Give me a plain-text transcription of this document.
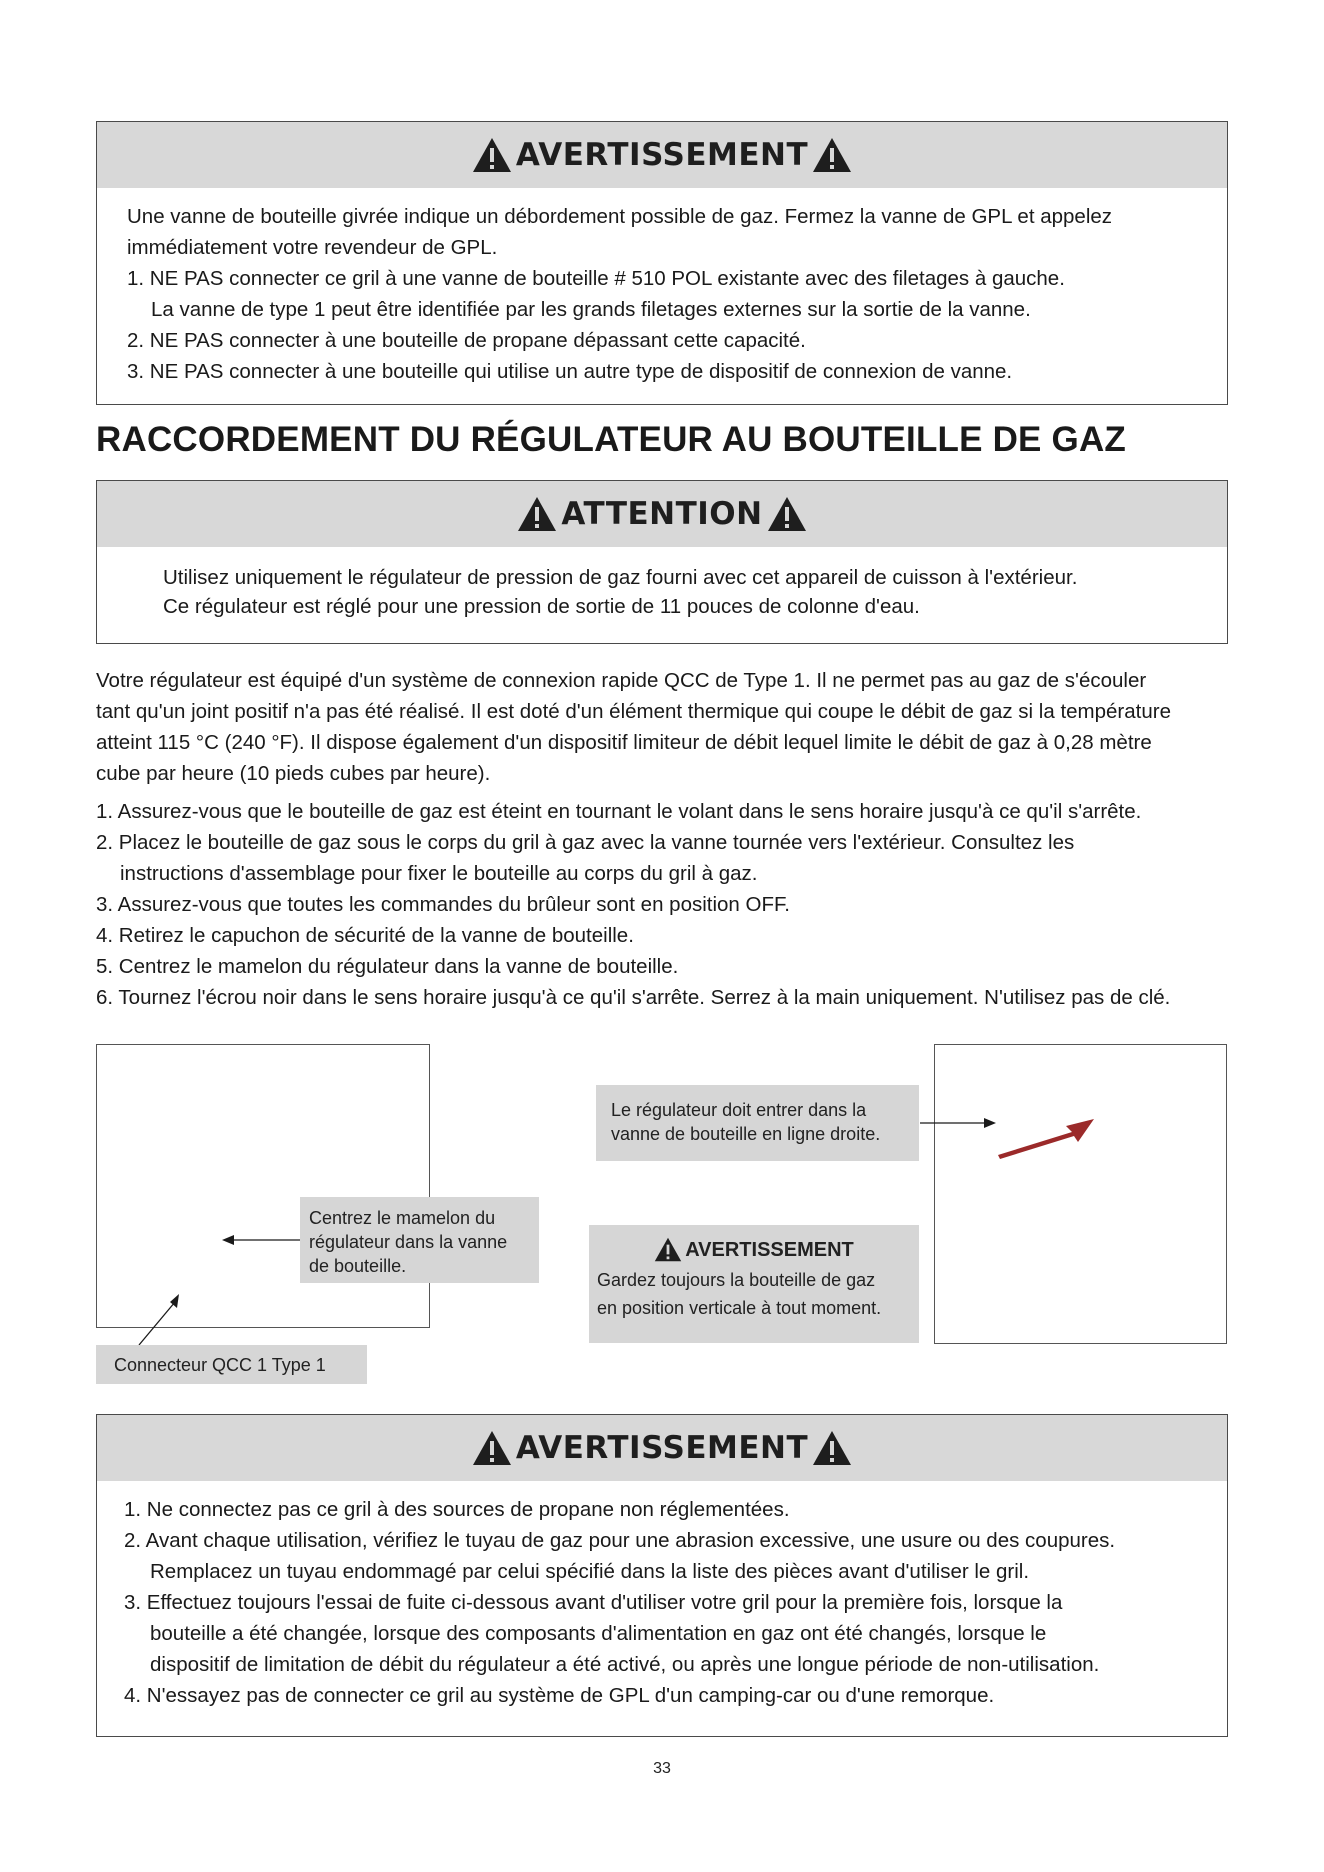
AVERTISSEMENT
Une vanne de bouteille givrée indique un débordement possible de gaz. Fermez la vanne de GPL et appelez
immédiatement votre revendeur de GPL.
1. NE PAS connecter ce gril à une vanne de bouteille # 510 POL existante avec des filetages à gauche.
La vanne de type 1 peut être identifiée par les grands filetages externes sur la sortie de la vanne.
2. NE PAS connecter à une bouteille de propane dépassant cette capacité.
3. NE PAS connecter à une bouteille qui utilise un autre type de dispositif de connexion de vanne.
RACCORDEMENT DU RÉGULATEUR AU BOUTEILLE DE GAZ
ATTENTION
Utilisez uniquement le régulateur de pression de gaz fourni avec cet appareil de cuisson à l'extérieur.
Ce régulateur est réglé pour une pression de sortie de 11 pouces de colonne d'eau.
Votre régulateur est équipé d'un système de connexion rapide QCC de Type 1. Il ne permet pas au gaz de s'écouler
tant qu'un joint positif n'a pas été réalisé. Il est doté d'un élément thermique qui coupe le débit de gaz si la température
atteint 115 °C (240 °F). Il dispose également d'un dispositif limiteur de débit lequel limite le débit de gaz à 0,28 mètre
cube par heure (10 pieds cubes par heure).
1. Assurez-vous que le bouteille de gaz est éteint en tournant le volant dans le sens horaire jusqu'à ce qu'il s'arrête.
2. Placez le bouteille de gaz sous le corps du gril à gaz avec la vanne tournée vers l'extérieur. Consultez les
instructions d'assemblage pour fixer le bouteille au corps du gril à gaz.
3. Assurez-vous que toutes les commandes du brûleur sont en position OFF.
4. Retirez le capuchon de sécurité de la vanne de bouteille.
5. Centrez le mamelon du régulateur dans la vanne de bouteille.
6. Tournez l'écrou noir dans le sens horaire jusqu'à ce qu'il s'arrête. Serrez à la main uniquement. N'utilisez pas de clé.
Centrez le mamelon du
régulateur dans la vanne
de bouteille.
Connecteur QCC 1 Type 1
Le régulateur doit entrer dans la
vanne de bouteille en ligne droite.
AVERTISSEMENT
Gardez toujours la bouteille de gaz
en position verticale à tout moment.
AVERTISSEMENT
1. Ne connectez pas ce gril à des sources de propane non réglementées.
2. Avant chaque utilisation, vérifiez le tuyau de gaz pour une abrasion excessive, une usure ou des coupures.
Remplacez un tuyau endommagé par celui spécifié dans la liste des pièces avant d'utiliser le gril.
3. Effectuez toujours l'essai de fuite ci-dessous avant d'utiliser votre gril pour la première fois, lorsque la
bouteille a été changée, lorsque des composants d'alimentation en gaz ont été changés, lorsque le
dispositif de limitation de débit du régulateur a été activé, ou après une longue période de non-utilisation.
4. N'essayez pas de connecter ce gril au système de GPL d'un camping-car ou d'une remorque.
33
